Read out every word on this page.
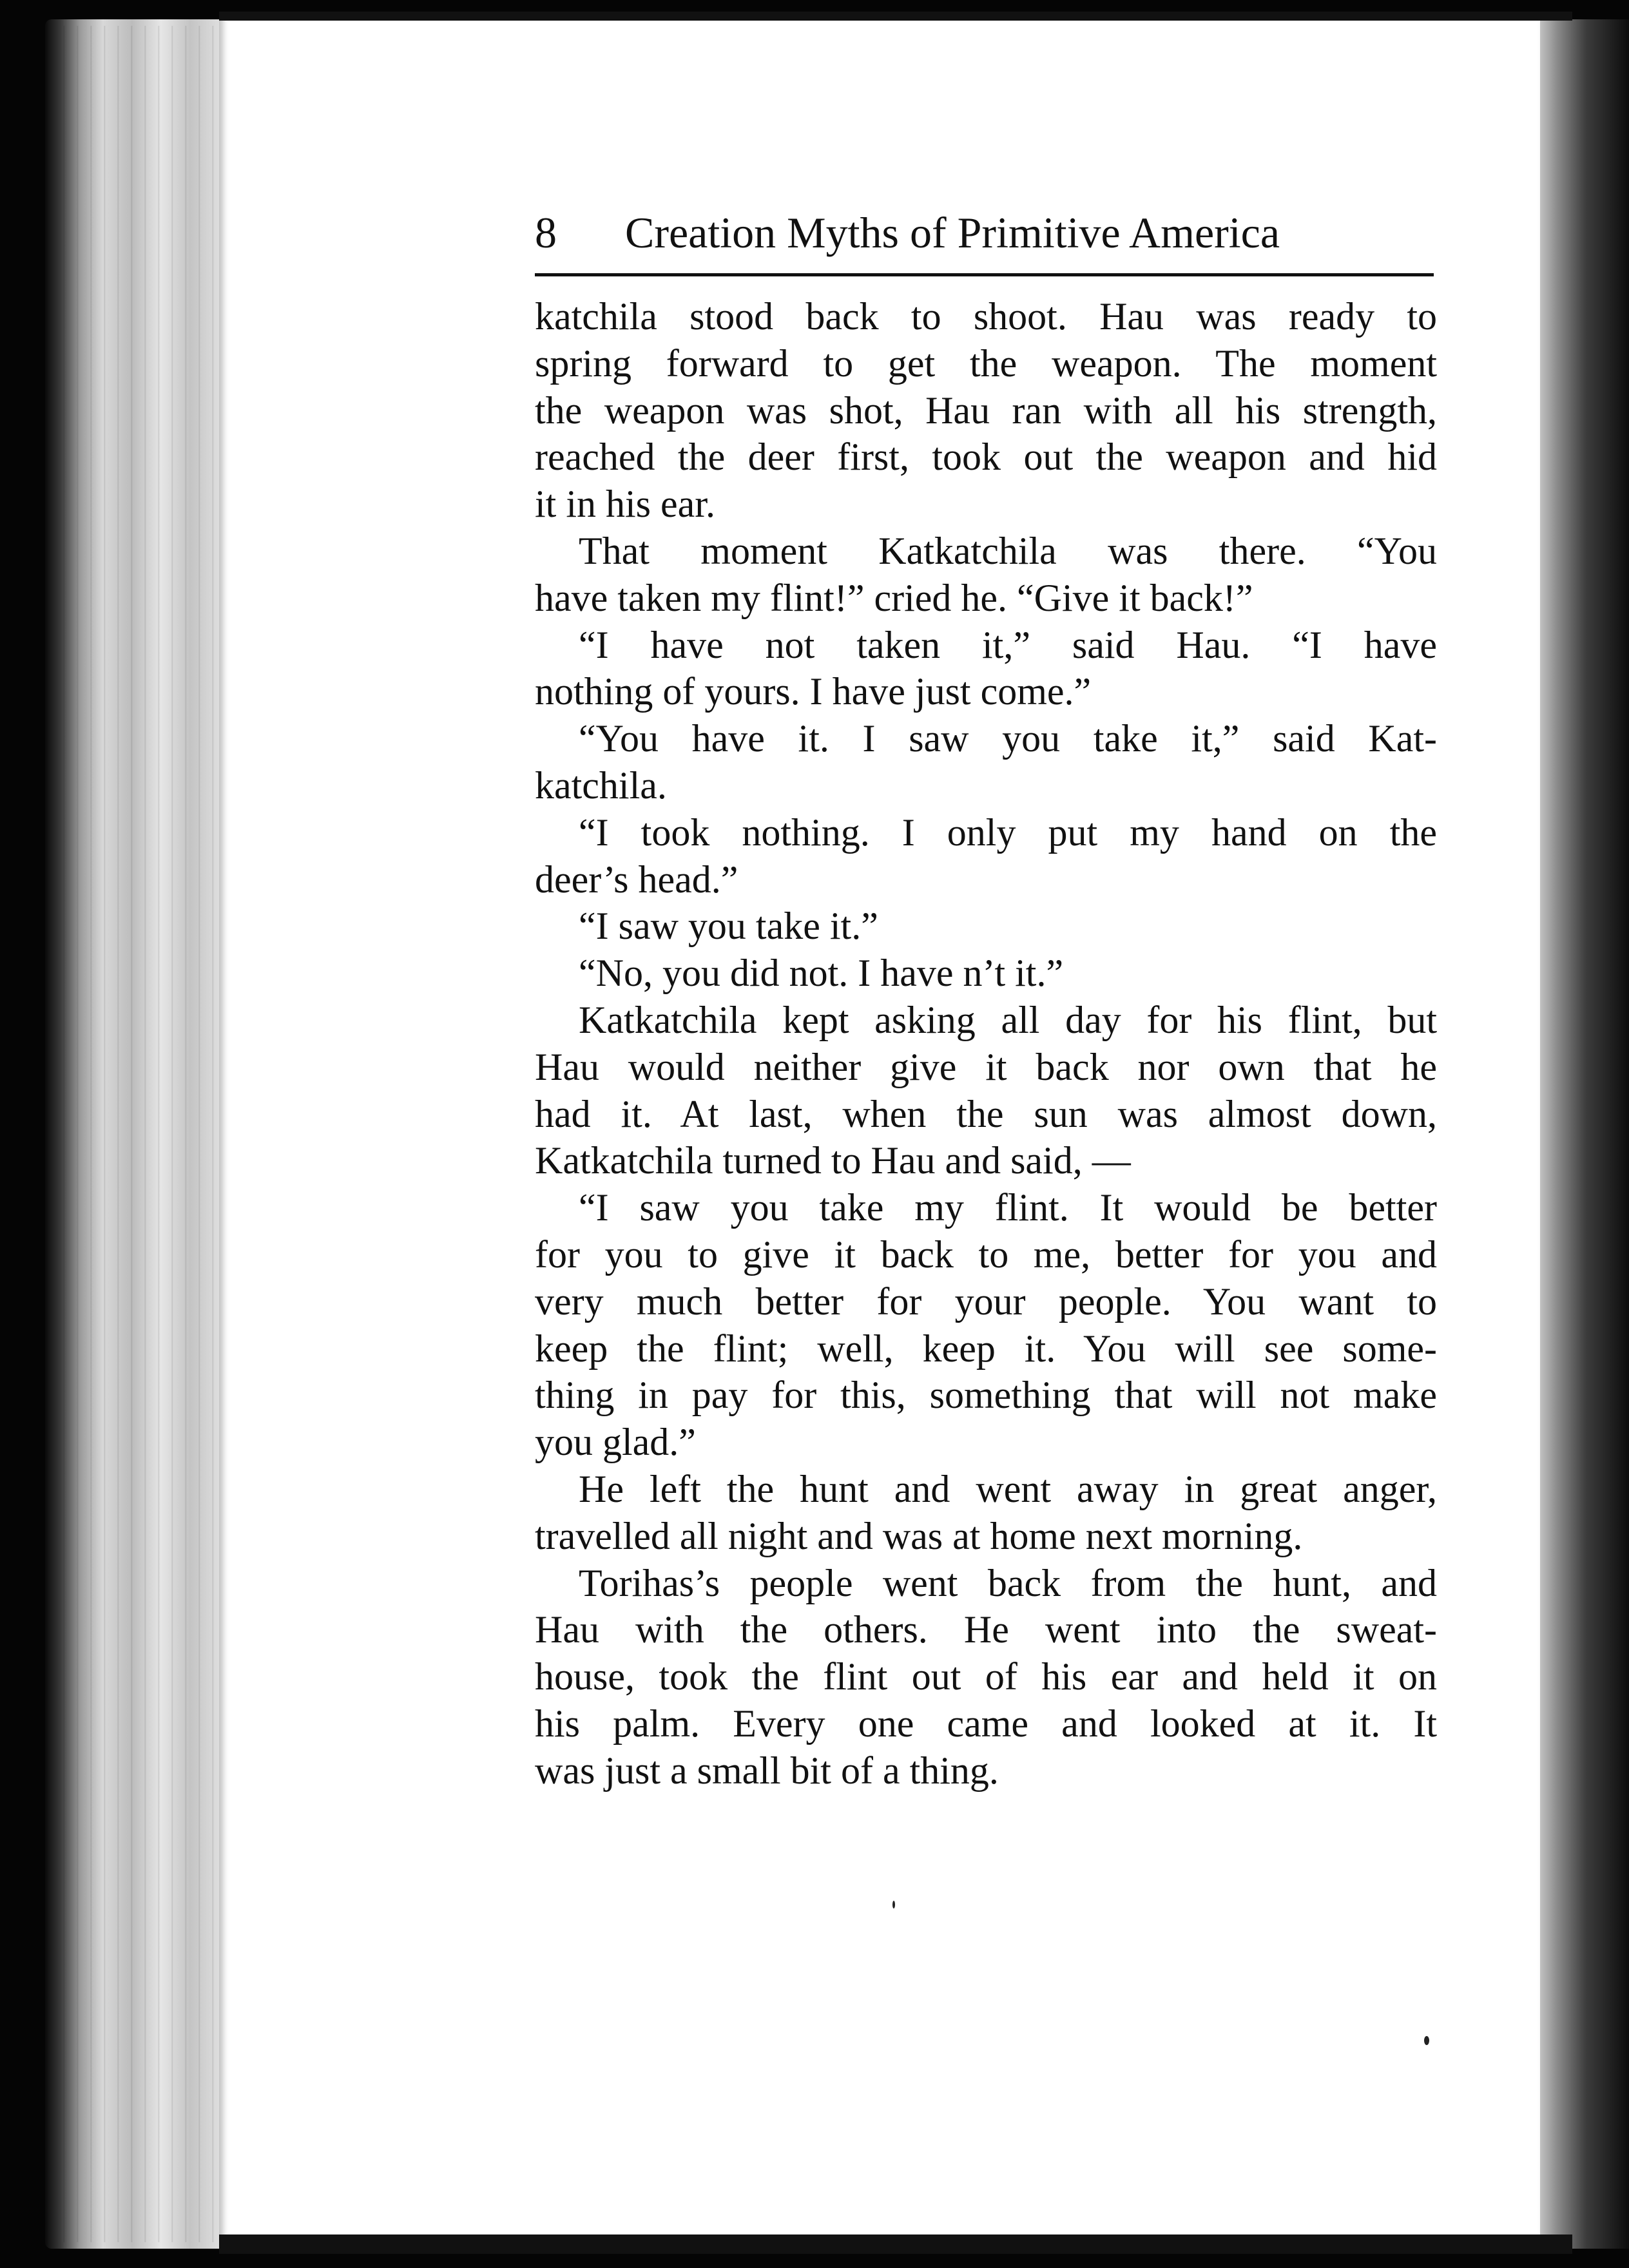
8 Creation Myths of Primitive America
katchila stood back to shoot. Hau was ready to
spring forward to get the weapon. The moment
the weapon was shot, Hau ran with all his strength,
reached the deer first, took out the weapon and hid
it in his ear.
That moment Katkatchila was there. “You
have taken my flint!” cried he. “Give it back!”
“I have not taken it,” said Hau. “I have
nothing of yours. I have just come.”
“You have it. I saw you take it,” said Kat-
katchila.
“I took nothing. I only put my hand on the
deer’s head.”
“I saw you take it.”
“No, you did not. I have n’t it.”
Katkatchila kept asking all day for his flint, but
Hau would neither give it back nor own that he
had it. At last, when the sun was almost down,
Katkatchila turned to Hau and said, —
“I saw you take my flint. It would be better
for you to give it back to me, better for you and
very much better for your people. You want to
keep the flint; well, keep it. You will see some-
thing in pay for this, something that will not make
you glad.”
He left the hunt and went away in great anger,
travelled all night and was at home next morning.
Torihas’s people went back from the hunt, and
Hau with the others. He went into the sweat-
house, took the flint out of his ear and held it on
his palm. Every one came and looked at it. It
was just a small bit of a thing.
